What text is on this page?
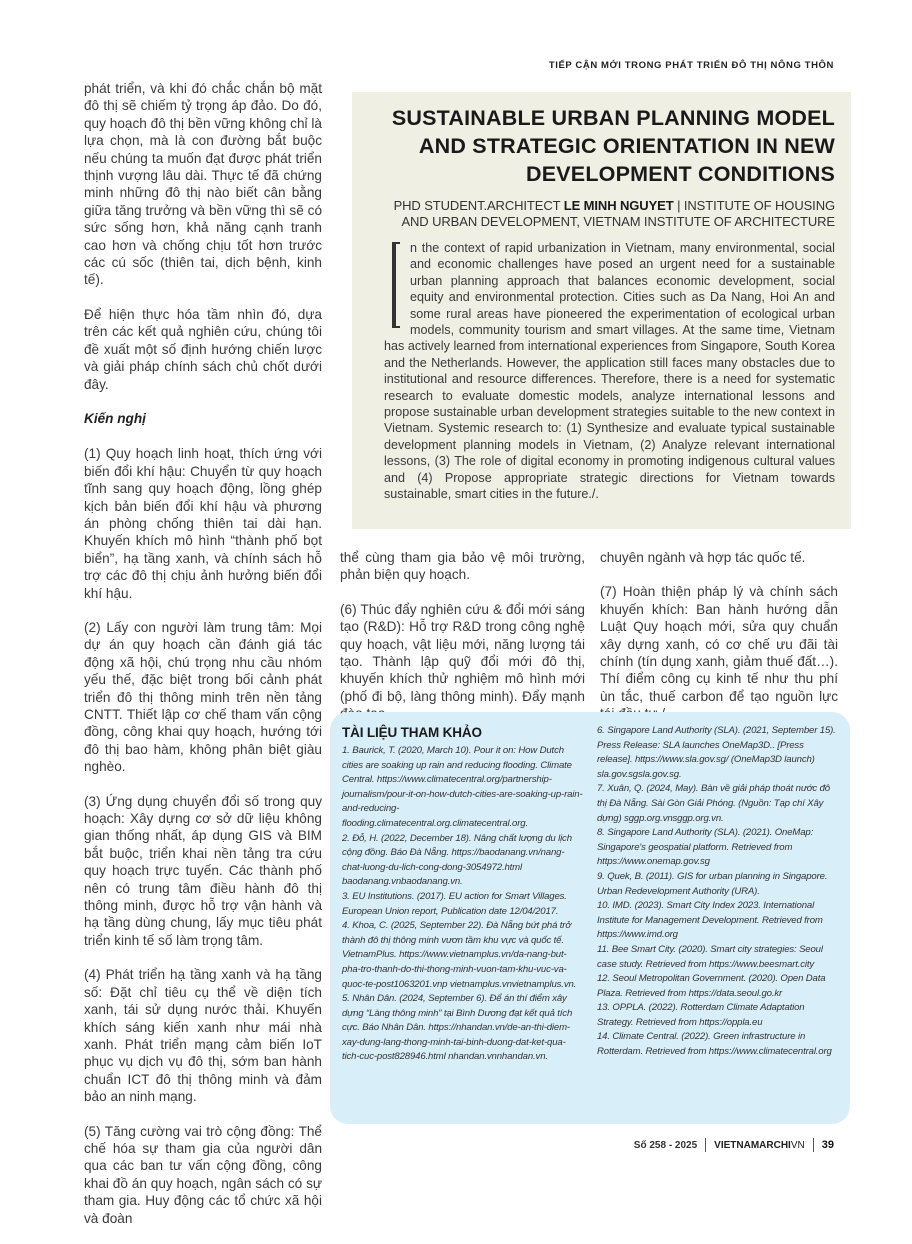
TIẾP CẬN MỚI TRONG PHÁT TRIỂN ĐÔ THỊ NÔNG THÔN

phát triển, và khi đó chắc chắn bộ mặt đô thị sẽ chiếm tỷ trọng áp đảo. Do đó, quy hoạch đô thị bền vững không chỉ là lựa chọn, mà là con đường bắt buộc nếu chúng ta muốn đạt được phát triển thịnh vượng lâu dài. Thực tế đã chứng minh những đô thị nào biết cân bằng giữa tăng trưởng và bền vững thì sẽ có sức sống hơn, khả năng cạnh tranh cao hơn và chống chịu tốt hơn trước các cú sốc (thiên tai, dịch bệnh, kinh tế).

Để hiện thực hóa tầm nhìn đó, dựa trên các kết quả nghiên cứu, chúng tôi đề xuất một số định hướng chiến lược và giải pháp chính sách chủ chốt dưới đây.

Kiến nghị

(1) Quy hoạch linh hoạt, thích ứng với biến đổi khí hậu: Chuyển từ quy hoạch tĩnh sang quy hoạch động, lồng ghép kịch bản biến đổi khí hậu và phương án phòng chống thiên tai dài hạn. Khuyến khích mô hình “thành phố bọt biển”, hạ tầng xanh, và chính sách hỗ trợ các đô thị chịu ảnh hưởng biến đổi khí hậu.

(2) Lấy con người làm trung tâm: Mọi dự án quy hoạch cần đánh giá tác động xã hội, chú trọng nhu cầu nhóm yếu thế, đặc biệt trong bối cảnh phát triển đô thị thông minh trên nền tảng CNTT. Thiết lập cơ chế tham vấn cộng đồng, công khai quy hoạch, hướng tới đô thị bao hàm, không phân biệt giàu nghèo.

(3) Ứng dụng chuyển đổi số trong quy hoạch: Xây dựng cơ sở dữ liệu không gian thống nhất, áp dụng GIS và BIM bắt buộc, triển khai nền tảng tra cứu quy hoạch trực tuyến. Các thành phố nên có trung tâm điều hành đô thị thông minh, được hỗ trợ vận hành và hạ tầng dùng chung, lấy mục tiêu phát triển kinh tế số làm trọng tâm.

(4) Phát triển hạ tầng xanh và hạ tầng số: Đặt chỉ tiêu cụ thể về diện tích xanh, tái sử dụng nước thải. Khuyến khích sáng kiến xanh như mái nhà xanh. Phát triển mạng cảm biến IoT phục vụ dịch vụ đô thị, sớm ban hành chuẩn ICT đô thị thông minh và đảm bảo an ninh mạng.

(5) Tăng cường vai trò cộng đồng: Thể chế hóa sự tham gia của người dân qua các ban tư vấn cộng đồng, công khai đồ án quy hoạch, ngân sách có sự tham gia. Huy động các tổ chức xã hội và đoàn

SUSTAINABLE URBAN PLANNING MODEL AND STRATEGIC ORIENTATION IN NEW DEVELOPMENT CONDITIONS
PHD STUDENT.ARCHITECT LE MINH NGUYET | INSTITUTE OF HOUSING AND URBAN DEVELOPMENT, VIETNAM INSTITUTE OF ARCHITECTURE
n the context of rapid urbanization in Vietnam, many environmental, social and economic challenges have posed an urgent need for a sustainable urban planning approach that balances economic development, social equity and environmental protection. Cities such as Da Nang, Hoi An and some rural areas have pioneered the experimentation of ecological urban models, community tourism and smart villages. At the same time, Vietnam has actively learned from international experiences from Singapore, South Korea and the Netherlands. However, the application still faces many obstacles due to institutional and resource differences. Therefore, there is a need for systematic research to evaluate domestic models, analyze international lessons and propose sustainable urban development strategies suitable to the new context in Vietnam. Systemic research to: (1) Synthesize and evaluate typical sustainable development planning models in Vietnam, (2) Analyze relevant international lessons, (3) The role of digital economy in promoting indigenous cultural values and (4) Propose appropriate strategic directions for Vietnam towards sustainable, smart cities in the future./.

thể cùng tham gia bảo vệ môi trường, phản biện quy hoạch.

(6) Thúc đẩy nghiên cứu & đổi mới sáng tạo (R&D): Hỗ trợ R&D trong công nghệ quy hoạch, vật liệu mới, năng lượng tái tạo. Thành lập quỹ đổi mới đô thị, khuyến khích thử nghiệm mô hình mới (phố đi bộ, làng thông minh). Đẩy mạnh

chuyên ngành và hợp tác quốc tế.

(7) Hoàn thiện pháp lý và chính sách khuyến khích: Ban hành hướng dẫn Luật Quy hoạch mới, sửa quy chuẩn xây dựng xanh, có cơ chế ưu đãi tài chính (tín dụng xanh, giảm thuế đất…). Thí điểm công cụ kinh tế như thu phí ùn tắc, thuế carbon để tạo nguồn lực

TÀI LIỆU THAM KHẢO
1. Baurick, T. (2020, March 10). Pour it on: How Dutch cities are soaking up rain and reducing flooding. Climate Central. https://www.climatecentral.org/partnership-journalism/pour-it-on-how-dutch-cities-are-soaking-up-rain-and-reducing-flooding.climatecentral.org.climatecentral.org.
2. Đỗ, H. (2022, December 18). Nâng chất lượng du lịch cộng đồng. Báo Đà Nẵng. https://baodanang.vn/nang-chat-luong-du-lich-cong-dong-3054972.html baodanang.vnbaodanang.vn.
3. EU Institutions. (2017). EU action for Smart Villages. European Union report, Publication date 12/04/2017.
4. Khoa, C. (2025, September 22). Đà Nẵng bứt phá trở thành đô thị thông minh vươn tầm khu vực và quốc tế. VietnamPlus. https://www.vietnamplus.vn/da-nang-but-pha-tro-thanh-do-thi-thong-minh-vuon-tam-khu-vuc-va-quoc-te-post1063201.vnp vietnamplus.vnvietnamplus.vn.
5. Nhân Dân. (2024, September 6). Để án thí điểm xây dựng “Làng thông minh” tại Bình Dương đạt kết quả tích cực. Báo Nhân Dân. https://nhandan.vn/de-an-thi-diem-xay-dung-lang-thong-minh-tai-binh-duong-dat-ket-qua-tich-cuc-post828946.html nhandan.vnnhandan.vn.
6. Singapore Land Authority (SLA). (2021, September 15). Press Release: SLA launches OneMap3D.. [Press release]. https://www.sla.gov.sg/ (OneMap3D launch) sla.gov.sgsla.gov.sg.
7. Xuân, Q. (2024, May). Bàn về giải pháp thoát nước đô thị Đà Nẵng. Sài Gòn Giải Phóng. (Nguồn: Tạp chí Xây dựng) sggp.org.vnsggp.org.vn.
8. Singapore Land Authority (SLA). (2021). OneMap: Singapore's geospatial platform. Retrieved from https://www.onemap.gov.sg
9. Quek, B. (2011). GIS for urban planning in Singapore. Urban Redevelopment Authority (URA).
10. IMD. (2023). Smart City Index 2023. International Institute for Management Development. Retrieved from https://www.imd.org
11. Bee Smart City. (2020). Smart city strategies: Seoul case study. Retrieved from https://www.beesmart.city
12. Seoul Metropolitan Government. (2020). Open Data Plaza. Retrieved from https://data.seoul.go.kr
13. OPPLA. (2022). Rotterdam Climate Adaptation Strategy. Retrieved from https://oppla.eu
14. Climate Central. (2022). Green infrastructure in Rotterdam. Retrieved from https://www.climatecentral.org
Số 258 - 2025 VIETNAMARCHIVN 39
